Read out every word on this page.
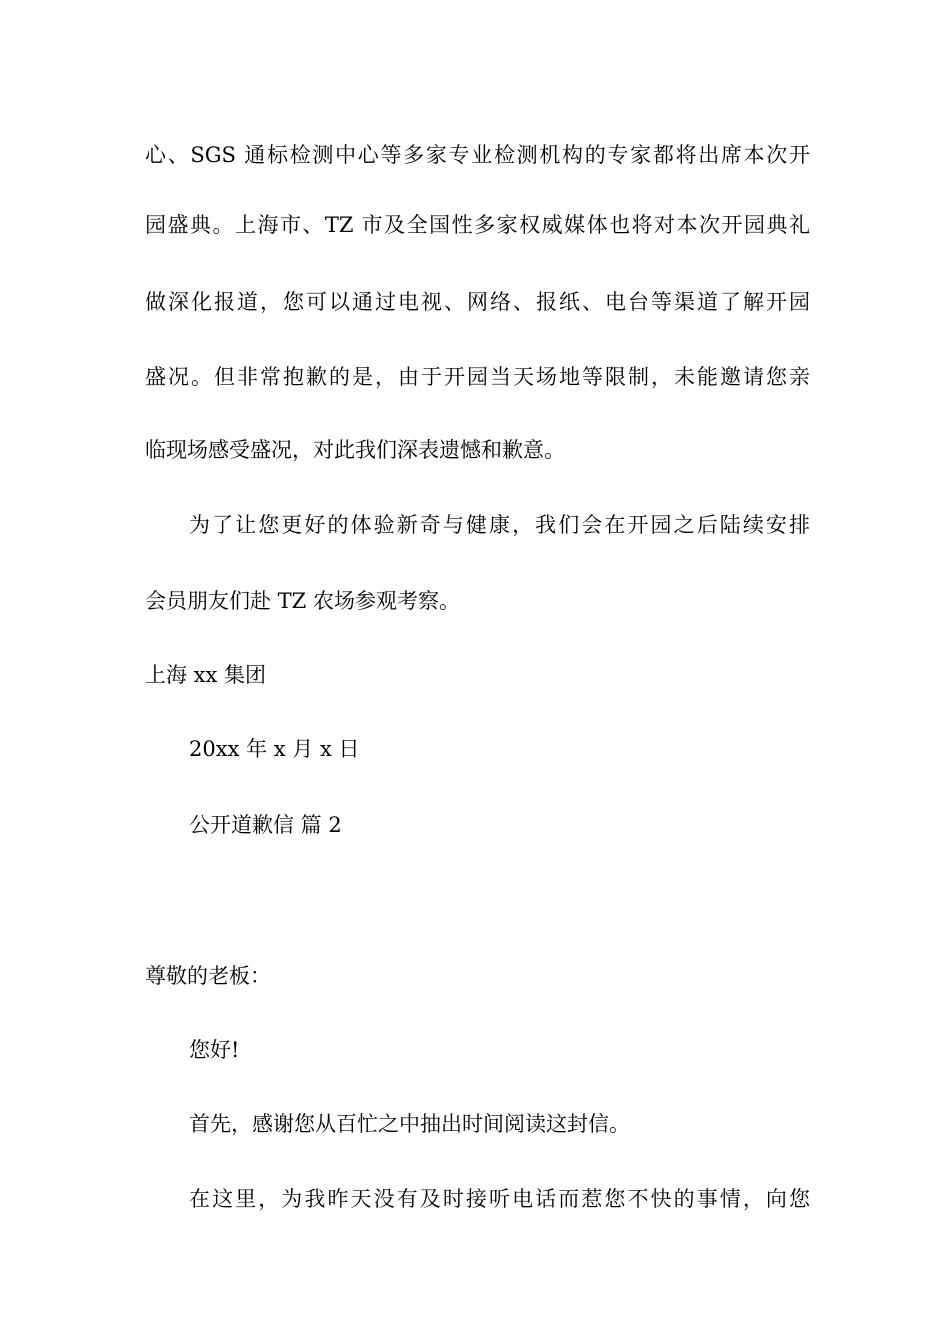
心、SGS 通标检测中心等多家专业检测机构的专家都将出席本次开
园盛典。上海市、TZ 市及全国性多家权威媒体也将对本次开园典礼
做深化报道，您可以通过电视、网络、报纸、电台等渠道了解开园
盛况。但非常抱歉的是，由于开园当天场地等限制，未能邀请您亲
临现场感受盛况，对此我们深表遗憾和歉意。
为了让您更好的体验新奇与健康，我们会在开园之后陆续安排
会员朋友们赴 TZ 农场参观考察。
上海 xx 集团
20xx 年 x 月 x 日
公开道歉信 篇 2
尊敬的老板：
您好!
首先，感谢您从百忙之中抽出时间阅读这封信。
在这里，为我昨天没有及时接听电话而惹您不快的事情，向您
